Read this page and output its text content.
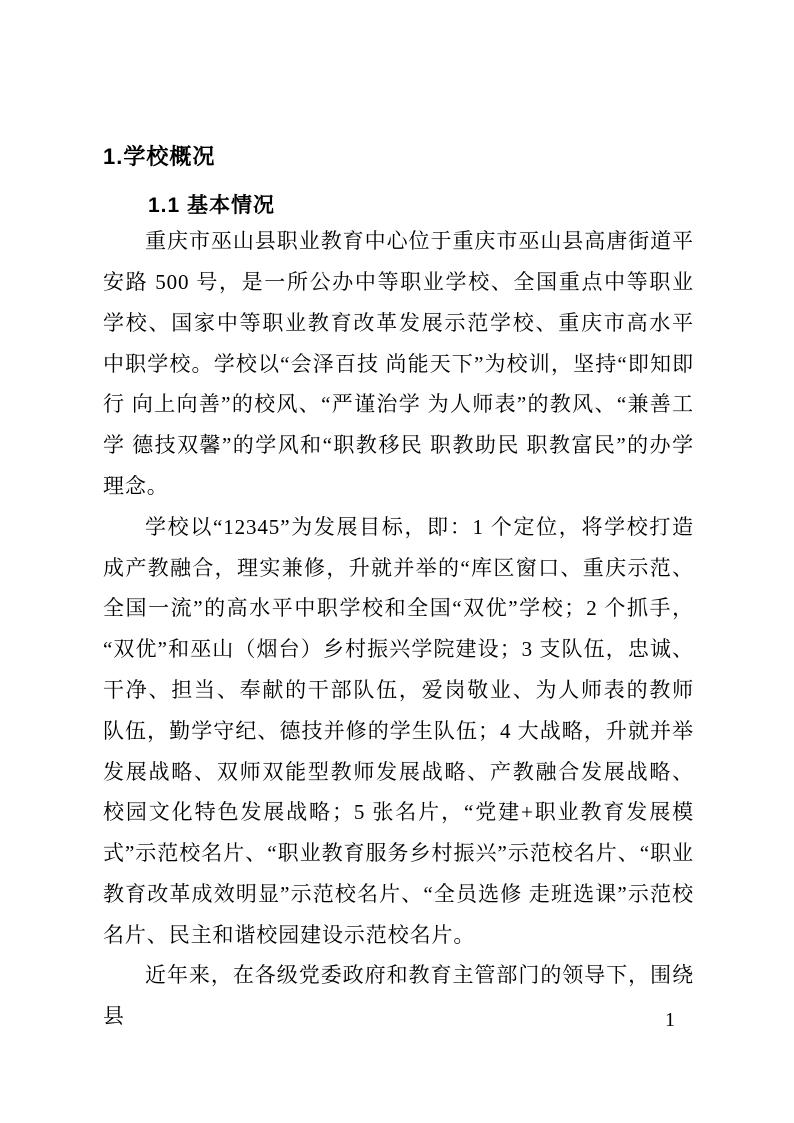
1.学校概况
1.1 基本情况

重庆市巫山县职业教育中心位于重庆市巫山县高唐街道平安路 500 号，是一所公办中等职业学校、全国重点中等职业学校、国家中等职业教育改革发展示范学校、重庆市高水平中职学校。学校以“会泽百技 尚能天下”为校训，坚持“即知即行 向上向善”的校风、“严谨治学 为人师表”的教风、“兼善工学 德技双馨”的学风和“职教移民 职教助民 职教富民”的办学理念。

学校以“12345”为发展目标，即：1 个定位，将学校打造成产教融合，理实兼修，升就并举的“库区窗口、重庆示范、全国一流”的高水平中职学校和全国“双优”学校；2 个抓手，“双优”和巫山（烟台）乡村振兴学院建设；3 支队伍，忠诚、干净、担当、奉献的干部队伍，爱岗敬业、为人师表的教师队伍，勤学守纪、德技并修的学生队伍；4 大战略，升就并举发展战略、双师双能型教师发展战略、产教融合发展战略、校园文化特色发展战略；5 张名片，“党建+职业教育发展模式”示范校名片、“职业教育服务乡村振兴”示范校名片、“职业教育改革成效明显”示范校名片、“全员选修 走班选课”示范校名片、民主和谐校园建设示范校名片。

近年来，在各级党委政府和教育主管部门的领导下，围绕县	1
